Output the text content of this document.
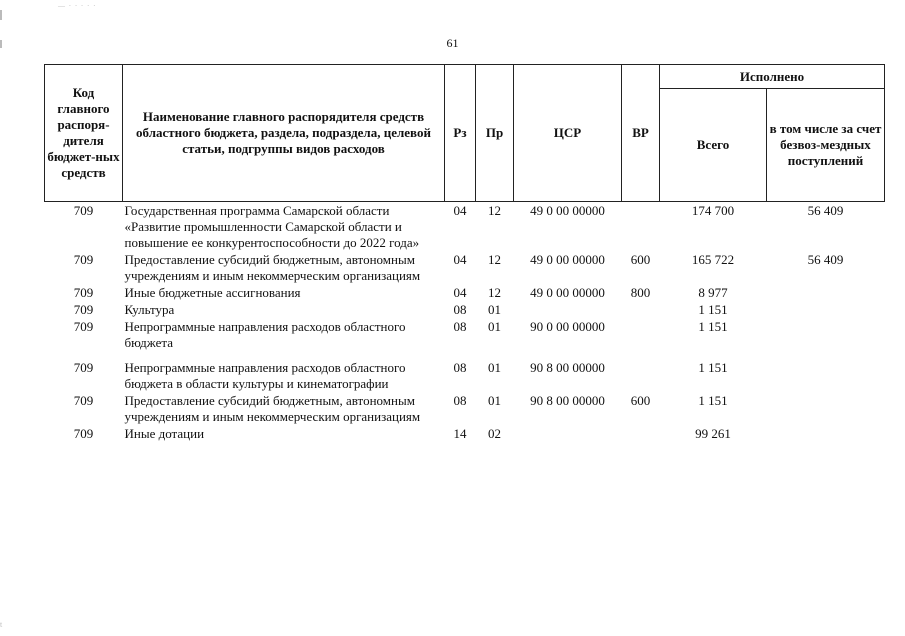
— · · · · ·
t
61
Код главного распоря-дителя бюджет-ных средств	Наименование главного распорядителя средств областного бюджета, раздела, подраздела, целевой статьи, подгруппы видов расходов	Рз	Пр	ЦСР	ВР	Исполнено	
						Всего	в том числе за счет безвоз-мездных поступлений
709	Государственная программа Самарской области «Развитие промышленности Самарской области и повышение ее конкурентоспособности до 2022 года»	04	12	49 0 00 00000		174 700	56 409
709	Предоставление субсидий бюджетным, автономным учреждениям и иным некоммерческим организациям	04	12	49 0 00 00000	600	165 722	56 409
709	Иные бюджетные ассигнования	04	12	49 0 00 00000	800	8 977	
709	Культура	08	01			1 151	
709	Непрограммные направления расходов областного бюджета	08	01	90 0 00 00000		1 151	
709	Непрограммные направления расходов областного бюджета в области культуры и кинематографии	08	01	90 8 00 00000		1 151	
709	Предоставление субсидий бюджетным, автономным учреждениям и иным некоммерческим организациям	08	01	90 8 00 00000	600	1 151	
709	Иные дотации	14	02			99 261	
